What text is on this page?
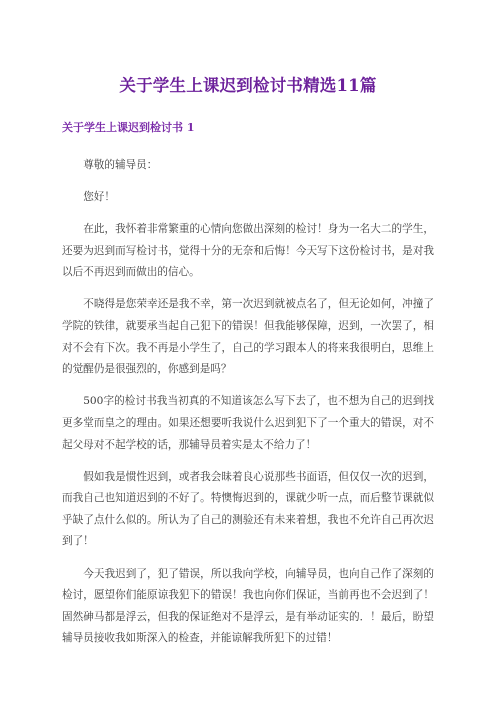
关于学生上课迟到检讨书精选11篇
关于学生上课迟到检讨书 1

尊敬的辅导员：

您好！

在此，我怀着非常繁重的心情向您做出深刻的检讨！身为一名大二的学生，还要为迟到而写检讨书，觉得十分的无奈和后悔！今天写下这份检讨书，是对我以后不再迟到而做出的信心。

不晓得是您荣幸还是我不幸，第一次迟到就被点名了，但无论如何，冲撞了学院的铁律，就要承当起自己犯下的错误！但我能够保障，迟到，一次罢了，相对不会有下次。我不再是小学生了，自己的学习跟本人的将来我很明白，思维上的觉醒仍是很强烈的，你感到是吗？

500字的检讨书我当初真的不知道该怎么写下去了，也不想为自己的迟到找更多堂而皇之的理由。如果还想要听我说什么迟到犯下了一个重大的错误，对不起父母对不起学校的话，那辅导员着实是太不给力了！

假如我是惯性迟到，或者我会昧着良心说那些书面语，但仅仅一次的迟到，而我自己也知道迟到的不好了。特懊悔迟到的，课就少听一点，而后整节课就似乎缺了点什么似的。所认为了自己的测验还有未来着想，我也不允许自己再次迟到了！

今天我迟到了，犯了错误，所以我向学校，向辅导员，也向自己作了深刻的检讨，愿望你们能原谅我犯下的错误！我也向你们保证，当前再也不会迟到了！固然砷马都是浮云，但我的保证绝对不是浮云，是有举动证实的．！最后，盼望辅导员接收我如斯深入的检查，并能谅解我所犯下的过错！
